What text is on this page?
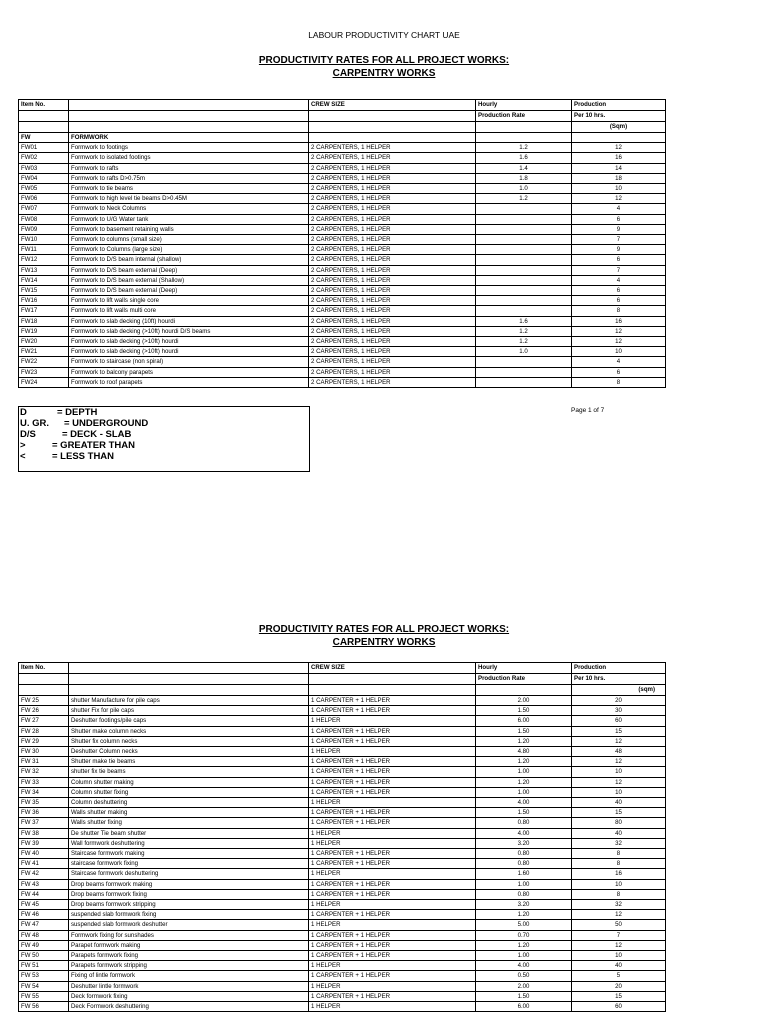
LABOUR PRODUCTIVITY CHART UAE
PRODUCTIVITY RATES FOR ALL PROJECT WORKS:
CARPENTRY WORKS
Item No.		CREW SIZE	Hourly	Production
			Production Rate	Per 10 hrs.
				(Sqm)
FW	FORMWORK			
FW01	Formwork to footings	2 CARPENTERS, 1 HELPER	1.2	12
FW02	Formwork to isolated footings	2 CARPENTERS, 1 HELPER	1.6	16
FW03	Formwork to rafts	2 CARPENTERS, 1 HELPER	1.4	14
FW04	Formwork to rafts D>0.75m	2 CARPENTERS, 1 HELPER	1.8	18
FW05	Formwork to tie beams	2 CARPENTERS, 1 HELPER	1.0	10
FW06	Formwork to high level tie beams D>0.45M	2 CARPENTERS, 1 HELPER	1.2	12
FW07	Formwork to Neck Columns	2 CARPENTERS, 1 HELPER		4
FW08	Formwork to U/G Water tank	2 CARPENTERS, 1 HELPER		6
FW09	Formwork to basement retaining walls	2 CARPENTERS, 1 HELPER		9
FW10	Formwork to columns (small size)	2 CARPENTERS, 1 HELPER		7
FW11	Formwork to Columns (large size)	2 CARPENTERS, 1 HELPER		9
FW12	Formwork to D/S beam internal (shallow)	2 CARPENTERS, 1 HELPER		6
FW13	Formwork to D/S beam external (Deep)	2 CARPENTERS, 1 HELPER		7
FW14	Formwork to D/S beam external (Shallow)	2 CARPENTERS, 1 HELPER		4
FW15	Formwork to D/S beam external (Deep)	2 CARPENTERS, 1 HELPER		6
FW16	Formwork to lift walls single core	2 CARPENTERS, 1 HELPER		6
FW17	Formwork to lift walls multi core	2 CARPENTERS, 1 HELPER		8
FW18	Formwork to slab decking (10ft) hourdi	2 CARPENTERS, 1 HELPER	1.6	16
FW19	Formwork to slab decking (>10ft) hourdi D/S beams	2 CARPENTERS, 1 HELPER	1.2	12
FW20	Formwork to slab decking (>10ft) hourdi	2 CARPENTERS, 1 HELPER	1.2	12
FW21	Formwork to slab decking (>10ft) hourdi	2 CARPENTERS, 1 HELPER	1.0	10
FW22	Formwork to staircase (non spiral)	2 CARPENTERS, 1 HELPER		4
FW23	Formwork to balcony parapets	2 CARPENTERS, 1 HELPER		6
FW24	Formwork to roof parapets	2 CARPENTERS, 1 HELPER		8
D	= DEPTH
U. GR. = UNDERGROUND
D/S	= DECK - SLAB
>	= GREATER THAN
<	= LESS THAN
Page 1 of 7
PRODUCTIVITY RATES FOR ALL PROJECT WORKS:
CARPENTRY WORKS
Item No.		CREW SIZE	Hourly	Production
			Production Rate	Per 10 hrs.
				(sqm)
FW 25	shutter Manufacture for pile caps	1 CARPENTER + 1 HELPER	2.00	20
FW 26	shutter Fix for pile caps	1 CARPENTER + 1 HELPER	1.50	30
FW 27	Deshutter footings/pile caps	1 HELPER	6.00	60
FW 28	Shutter make column necks	1 CARPENTER + 1 HELPER	1.50	15
FW 29	Shutter fix column necks	1 CARPENTER + 1 HELPER	1.20	12
FW 30	Deshutter Column necks	1 HELPER	4.80	48
FW 31	Shutter make tie beams	1 CARPENTER + 1 HELPER	1.20	12
FW 32	shutter fix tie beams	1 CARPENTER + 1 HELPER	1.00	10
FW 33	Column shutter making	1 CARPENTER + 1 HELPER	1.20	12
FW 34	Column shutter fixing	1 CARPENTER + 1 HELPER	1.00	10
FW 35	Column deshuttering	1 HELPER	4.00	40
FW 36	Walls shutter making	1 CARPENTER + 1 HELPER	1.50	15
FW 37	Walls shutter fixing	1 CARPENTER + 1 HELPER	0.80	80
FW 38	De shutter Tie beam shutter	1 HELPER	4.00	40
FW 39	Wall formwork deshuttering	1 HELPER	3.20	32
FW 40	Staircase formwork making	1 CARPENTER + 1 HELPER	0.80	8
FW 41	staircase formwork fixing	1 CARPENTER + 1 HELPER	0.80	8
FW 42	Staircase formwork deshuttering	1 HELPER	1.60	16
FW 43	Drop beams formwork making	1 CARPENTER + 1 HELPER	1.00	10
FW 44	Drop beams formwork fixing	1 CARPENTER + 1 HELPER	0.80	8
FW 45	Drop beams formwork stripping	1 HELPER	3.20	32
FW 46	suspended slab formwork fixing	1 CARPENTER + 1 HELPER	1.20	12
FW 47	suspended slab formwork deshutter	1 HELPER	5.00	50
FW 48	Formwork fixing for sunshades	1 CARPENTER + 1 HELPER	0.70	7
FW 49	Parapet formwork making	1 CARPENTER + 1 HELPER	1.20	12
FW 50	Parapets formwork fixing	1 CARPENTER + 1 HELPER	1.00	10
FW 51	Parapets formwork stripping	1 HELPER	4.00	40
FW 53	Fixing of lintle formwork	1 CARPENTER + 1 HELPER	0.50	5
FW 54	Deshutter lintle formwork	1 HELPER	2.00	20
FW 55	Deck formwork fixing	1 CARPENTER + 1 HELPER	1.50	15
FW 56	Deck Formwork deshuttering	1 HELPER	6.00	60
